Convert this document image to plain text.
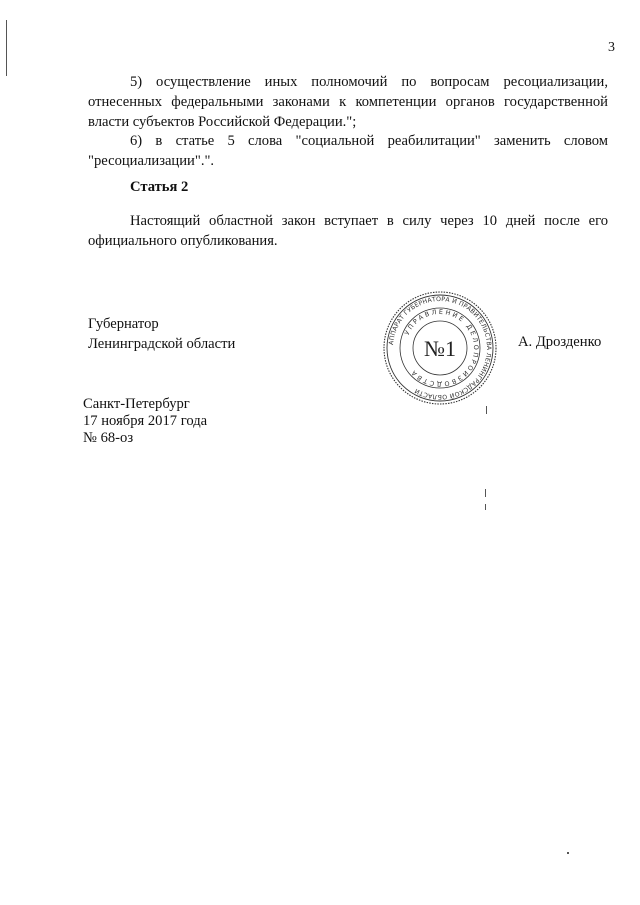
3

5) осуществление иных полномочий по вопросам ресоциализации, отнесенных федеральными законами к компетенции органов государственной власти субъектов Российской Федерации.";

6) в статье 5 слова "социальной реабилитации" заменить словом "ресоциализации".".

Статья 2

Настоящий областной закон вступает в силу через 10 дней после его официального опубликования.

Губернатор
Ленинградской области	АППАРАТ ГУБЕРНАТОРА И ПРАВИТЕЛЬСТВА ЛЕНИНГРАДСКОЙ ОБЛАСТИ
УПРАВЛЕНИЕ ДЕЛОПРОИЗВОДСТВА
№1	А. Дрозденко
Санкт-Петербург
17 ноября 2017 года
№ 68-оз
